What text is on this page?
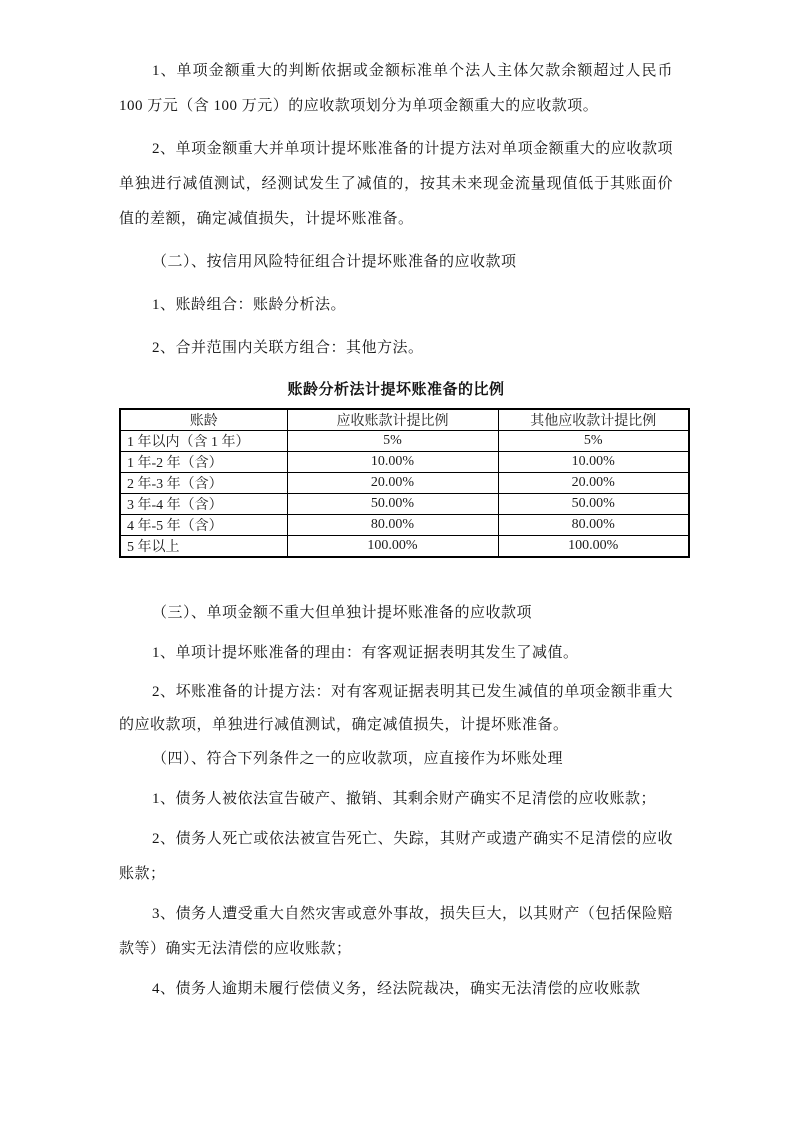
1、单项金额重大的判断依据或金额标准单个法人主体欠款余额超过人民币 100 万元（含 100 万元）的应收款项划分为单项金额重大的应收款项。

2、单项金额重大并单项计提坏账准备的计提方法对单项金额重大的应收款项单独进行减值测试，经测试发生了减值的，按其未来现金流量现值低于其账面价值的差额，确定减值损失，计提坏账准备。

（二）、按信用风险特征组合计提坏账准备的应收款项

1、账龄组合：账龄分析法。

2、合并范围内关联方组合：其他方法。

账龄分析法计提坏账准备的比例

账龄	应收账款计提比例	其他应收款计提比例
1 年以内（含 1 年）	5%	5%
1 年-2 年（含）	10.00%	10.00%
2 年-3 年（含）	20.00%	20.00%
3 年-4 年（含）	50.00%	50.00%
4 年-5 年（含）	80.00%	80.00%
5 年以上	100.00%	100.00%

（三）、单项金额不重大但单独计提坏账准备的应收款项

1、单项计提坏账准备的理由：有客观证据表明其发生了减值。

2、坏账准备的计提方法：对有客观证据表明其已发生减值的单项金额非重大的应收款项，单独进行减值测试，确定减值损失，计提坏账准备。

（四）、符合下列条件之一的应收款项，应直接作为坏账处理

1、债务人被依法宣告破产、撤销、其剩余财产确实不足清偿的应收账款；

2、债务人死亡或依法被宣告死亡、失踪，其财产或遗产确实不足清偿的应收账款；

3、债务人遭受重大自然灾害或意外事故，损失巨大，以其财产（包括保险赔款等）确实无法清偿的应收账款；

4、债务人逾期未履行偿债义务，经法院裁决，确实无法清偿的应收账款
